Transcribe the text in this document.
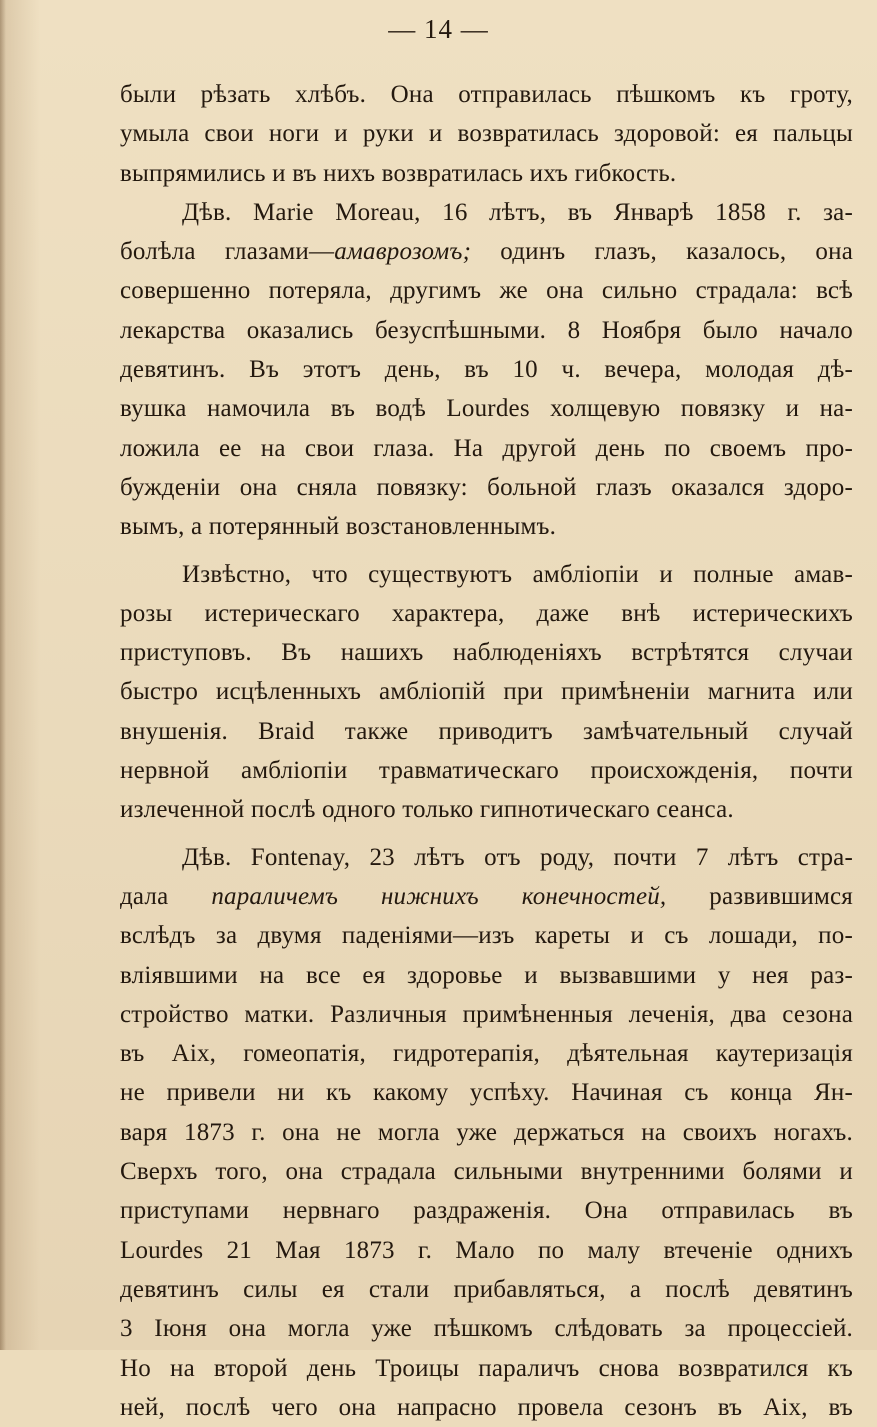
— 14 —
были рѣзать хлѣбъ. Она отправилась пѣшкомъ къ гроту,
умыла свои ноги и руки и возвратилась здоровой: ея пальцы
выпрямились и въ нихъ возвратилась ихъ гибкость.
Дѣв. Marie Moreau, 16 лѣтъ, въ Январѣ 1858 г. за-
болѣла глазами—амаврозомъ; одинъ глазъ, казалось, она
совершенно потеряла, другимъ же она сильно страдала: всѣ
лекарства оказались безуспѣшными. 8 Ноября было начало
девятинъ. Въ этотъ день, въ 10 ч. вечера, молодая дѣ-
вушка намочила въ водѣ Lourdes холщевую повязку и на-
ложила ее на свои глаза. На другой день по своемъ про-
бужденіи она сняла повязку: больной глазъ оказался здоро-
вымъ, а потерянный возстановленнымъ.
Извѣстно, что существуютъ амбліопіи и полные амав-
розы истерическаго характера, даже внѣ истерическихъ
приступовъ. Въ нашихъ наблюденіяхъ встрѣтятся случаи
быстро исцѣленныхъ амбліопій при примѣненіи магнита или
внушенія. Braid также приводитъ замѣчательный случай
нервной амбліопіи травматическаго происхожденія, почти
излеченной послѣ одного только гипнотическаго сеанса.
Дѣв. Fontenay, 23 лѣтъ отъ роду, почти 7 лѣтъ стра-
дала параличемъ нижнихъ конечностей, развившимся
вслѣдъ за двумя паденіями—изъ кареты и съ лошади, по-
вліявшими на все ея здоровье и вызвавшими у нея раз-
стройство матки. Различныя примѣненныя леченія, два сезона
въ Aix, гомеопатія, гидротерапія, дѣятельная каутеризація
не привели ни къ какому успѣху. Начиная съ конца Ян-
варя 1873 г. она не могла уже держаться на своихъ ногахъ.
Сверхъ того, она страдала сильными внутренними болями и
приступами нервнаго раздраженія. Она отправилась въ
Lourdes 21 Мая 1873 г. Мало по малу втеченіе однихъ
девятинъ силы ея стали прибавляться, а послѣ девятинъ
3 Іюня она могла уже пѣшкомъ слѣдовать за процессіей.
Но на второй день Троицы параличъ снова возвратился къ
ней, послѣ чего она напрасно провела сезонъ въ Aix, въ
